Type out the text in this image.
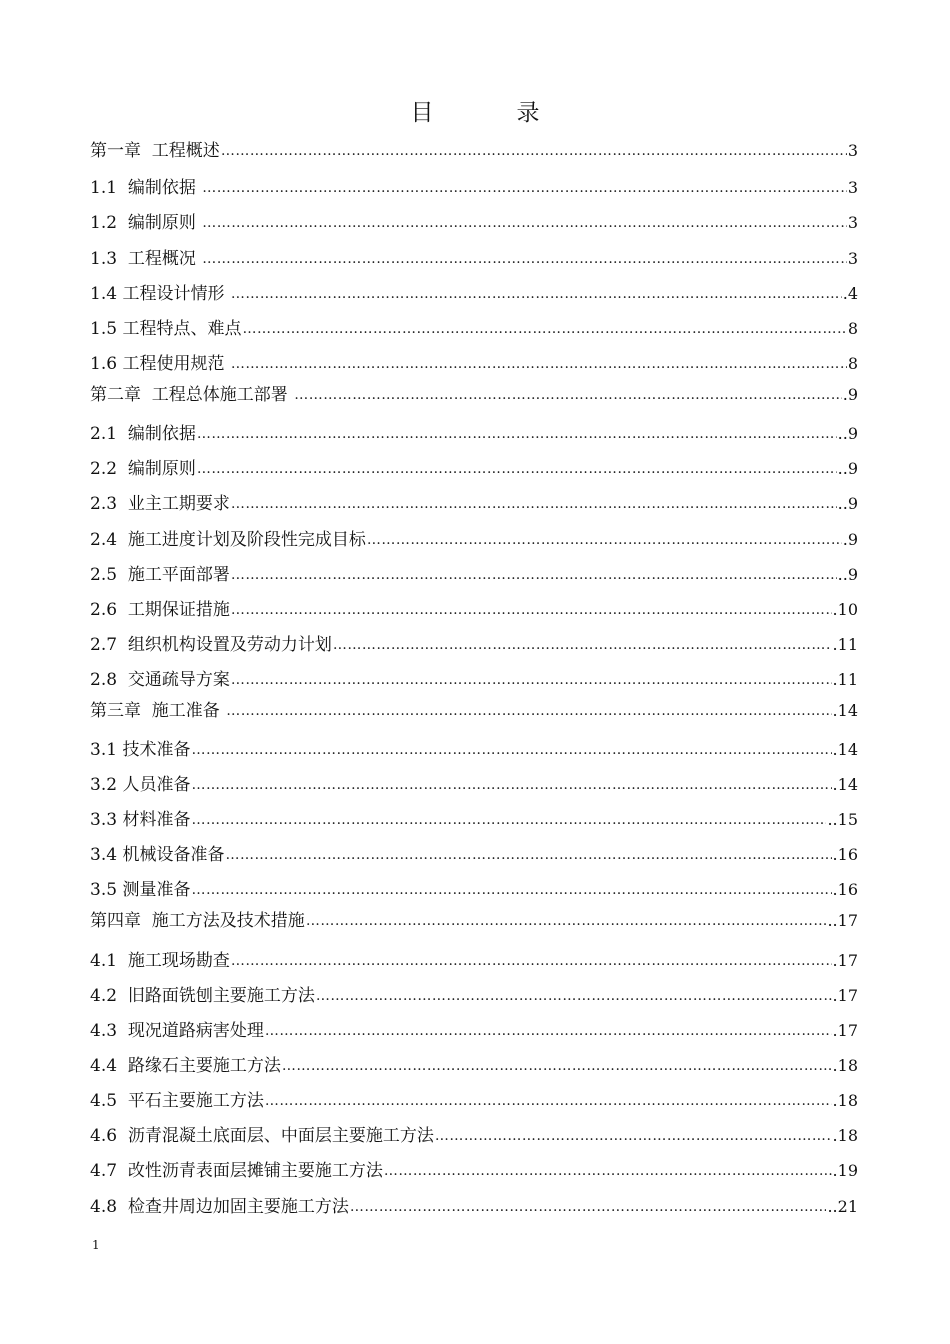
目　录
第一章  工程概述 …………………………………………………………………………………………………………………………………………………………………………………………………………	3
1.1  编制依据 …………………………………………………………………………………………………………………………………………………………………………………………………………	3
1.2  编制原则 …………………………………………………………………………………………………………………………………………………………………………………………………………	3
1.3  工程概况 …………………………………………………………………………………………………………………………………………………………………………………………………………	3
1.4 工程设计情形 …………………………………………………………………………………………………………………………………………………………………………………………………………	.4
1.5 工程特点、难点 …………………………………………………………………………………………………………………………………………………………………………………………………………	8
1.6 工程使用规范 …………………………………………………………………………………………………………………………………………………………………………………………………………	8
第二章  工程总体施工部署 …………………………………………………………………………………………………………………………………………………………………………………………………………	.9
2.1  编制依据 …………………………………………………………………………………………………………………………………………………………………………………………………………	..9
2.2  编制原则 …………………………………………………………………………………………………………………………………………………………………………………………………………	..9
2.3  业主工期要求 …………………………………………………………………………………………………………………………………………………………………………………………………………	..9
2.4  施工进度计划及阶段性完成目标 …………………………………………………………………………………………………………………………………………………………………………………………………………	.9
2.5  施工平面部署 …………………………………………………………………………………………………………………………………………………………………………………………………………	..9
2.6  工期保证措施 …………………………………………………………………………………………………………………………………………………………………………………………………………	.10
2.7  组织机构设置及劳动力计划 …………………………………………………………………………………………………………………………………………………………………………………………………………	.11
2.8  交通疏导方案 …………………………………………………………………………………………………………………………………………………………………………………………………………	.11
第三章  施工准备 …………………………………………………………………………………………………………………………………………………………………………………………………………	.14
3.1 技术准备 …………………………………………………………………………………………………………………………………………………………………………………………………………	.14
3.2 人员准备 …………………………………………………………………………………………………………………………………………………………………………………………………………	.14
3.3 材料准备 …………………………………………………………………………………………………………………………………………………………………………………………………………	..15
3.4 机械设备准备 …………………………………………………………………………………………………………………………………………………………………………………………………………	.16
3.5 测量准备 …………………………………………………………………………………………………………………………………………………………………………………………………………	.16
第四章  施工方法及技术措施 …………………………………………………………………………………………………………………………………………………………………………………………………………	..17
4.1  施工现场勘查 …………………………………………………………………………………………………………………………………………………………………………………………………………	.17
4.2  旧路面铣刨主要施工方法 …………………………………………………………………………………………………………………………………………………………………………………………………………	.17
4.3  现况道路病害处理 …………………………………………………………………………………………………………………………………………………………………………………………………………	.17
4.4  路缘石主要施工方法 …………………………………………………………………………………………………………………………………………………………………………………………………………	.18
4.5  平石主要施工方法 …………………………………………………………………………………………………………………………………………………………………………………………………………	.18
4.6  沥青混凝土底面层、中面层主要施工方法 …………………………………………………………………………………………………………………………………………………………………………………………………………	.18
4.7  改性沥青表面层摊铺主要施工方法 …………………………………………………………………………………………………………………………………………………………………………………………………………	.19
4.8  检查井周边加固主要施工方法 …………………………………………………………………………………………………………………………………………………………………………………………………………	..21
1
